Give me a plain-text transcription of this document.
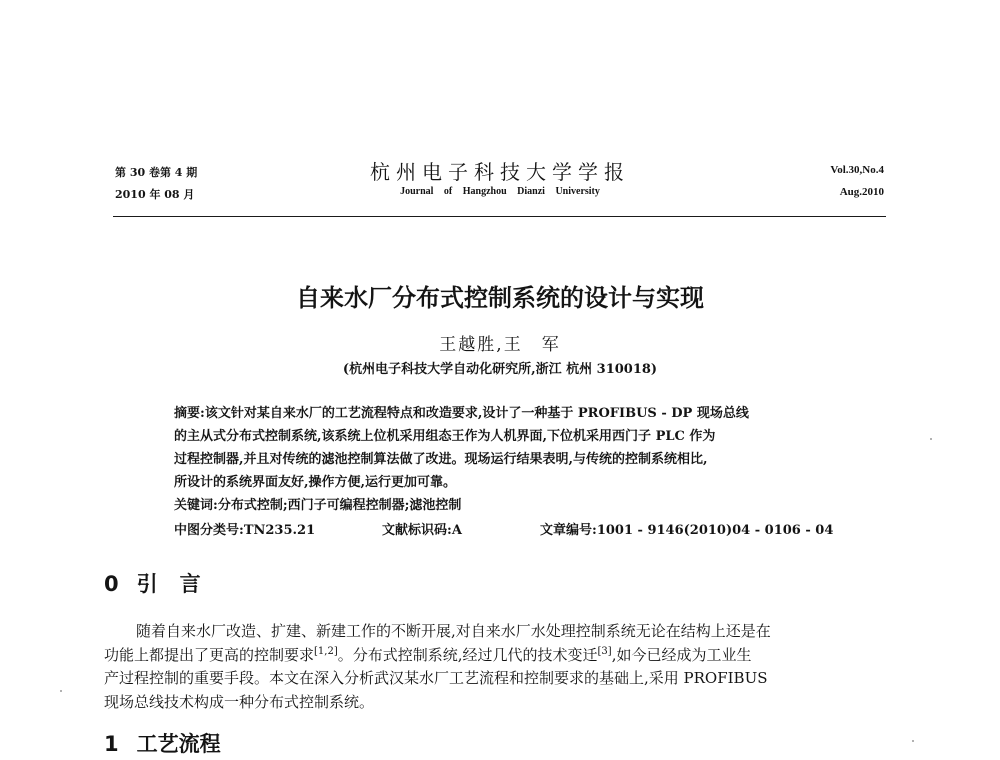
第 30 卷第 4 期
2010 年 08 月
杭州电子科技大学学报
Journal of Hangzhou Dianzi University
Vol.30,No.4
Aug.2010
自来水厂分布式控制系统的设计与实现
王越胜,王　军
(杭州电子科技大学自动化研究所,浙江 杭州 310018)
摘要:该文针对某自来水厂的工艺流程特点和改造要求,设计了一种基于 PROFIBUS - DP 现场总线
的主从式分布式控制系统,该系统上位机采用组态王作为人机界面,下位机采用西门子 PLC 作为
过程控制器,并且对传统的滤池控制算法做了改进。现场运行结果表明,与传统的控制系统相比,
所设计的系统界面友好,操作方便,运行更加可靠。
关键词:分布式控制;西门子可编程控制器;滤池控制
中图分类号:TN235.21	文献标识码:A	文章编号:1001 - 9146(2010)04 - 0106 - 04
0 引言
随着自来水厂改造、扩建、新建工作的不断开展,对自来水厂水处理控制系统无论在结构上还是在
功能上都提出了更高的控制要求[1,2]。分布式控制系统,经过几代的技术变迁[3],如今已经成为工业生
产过程控制的重要手段。本文在深入分析武汉某水厂工艺流程和控制要求的基础上,采用 PROFIBUS
现场总线技术构成一种分布式控制系统。
1 工艺流程
